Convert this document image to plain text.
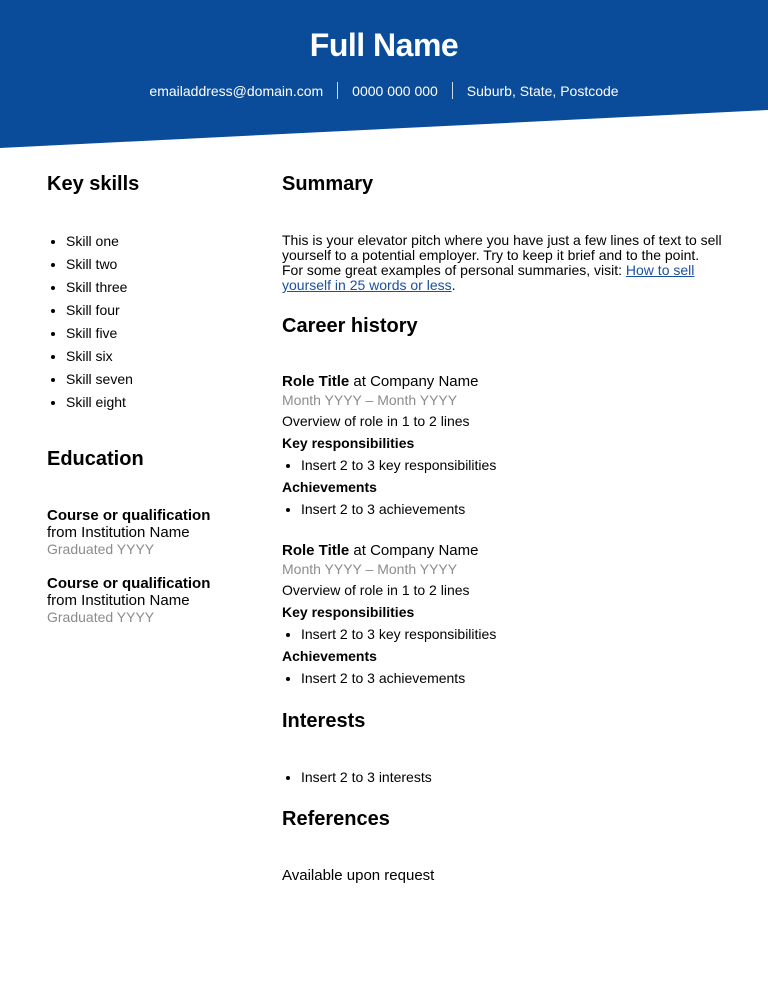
Full Name
emailaddress@domain.com 0000 000 000 Suburb, State, Postcode
Key skills
• Skill one
• Skill two
• Skill three
• Skill four
• Skill five
• Skill six
• Skill seven
• Skill eight
Education
Course or qualification
from Institution Name
Graduated YYYY
Course or qualification
from Institution Name
Graduated YYYY
Summary
This is your elevator pitch where you have just a few lines of text to sell yourself to a potential employer. Try to keep it brief and to the point. For some great examples of personal summaries, visit: How to sell yourself in 25 words or less.
Career history
Role Title at Company Name
Month YYYY – Month YYYY
Overview of role in 1 to 2 lines
Key responsibilities
• Insert 2 to 3 key responsibilities
Achievements
• Insert 2 to 3 achievements
Role Title at Company Name
Month YYYY – Month YYYY
Overview of role in 1 to 2 lines
Key responsibilities
• Insert 2 to 3 key responsibilities
Achievements
• Insert 2 to 3 achievements
Interests
• Insert 2 to 3 interests
References
Available upon request
